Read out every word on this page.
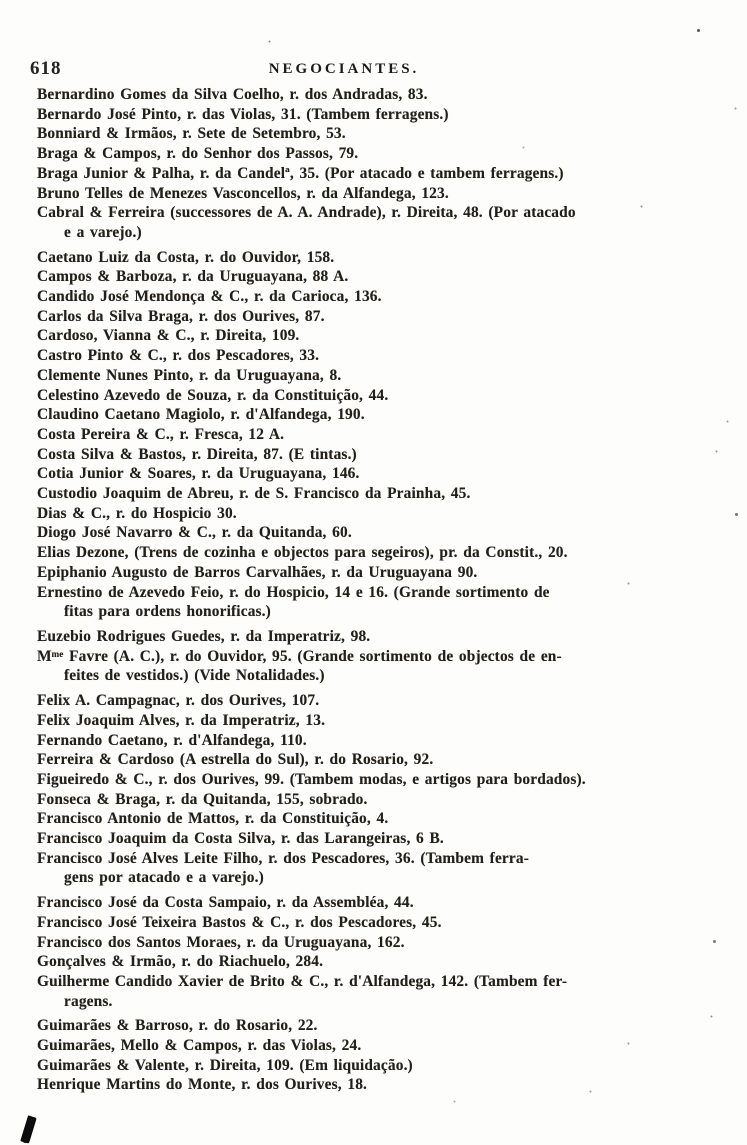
618	NEGOCIANTES.

Bernardino Gomes da Silva Coelho, r. dos Andradas, 83.

Bernardo José Pinto, r. das Violas, 31. (Tambem ferragens.)

Bonniard & Irmãos, r. Sete de Setembro, 53.

Braga & Campos, r. do Senhor dos Passos, 79.

Braga Junior & Palha, r. da Candelª, 35. (Por atacado e tambem ferragens.)

Bruno Telles de Menezes Vasconcellos, r. da Alfandega, 123.

Cabral & Ferreira (successores de A. A. Andrade), r. Direita, 48. (Por atacado
e a varejo.)

Caetano Luiz da Costa, r. do Ouvidor, 158.

Campos & Barboza, r. da Uruguayana, 88 A.

Candido José Mendonça & C., r. da Carioca, 136.

Carlos da Silva Braga, r. dos Ourives, 87.

Cardoso, Vianna & C., r. Direita, 109.

Castro Pinto & C., r. dos Pescadores, 33.

Clemente Nunes Pinto, r. da Uruguayana, 8.

Celestino Azevedo de Souza, r. da Constituição, 44.

Claudino Caetano Magiolo, r. d'Alfandega, 190.

Costa Pereira & C., r. Fresca, 12 A.

Costa Silva & Bastos, r. Direita, 87. (E tintas.)

Cotia Junior & Soares, r. da Uruguayana, 146.

Custodio Joaquim de Abreu, r. de S. Francisco da Prainha, 45.

Dias & C., r. do Hospicio 30.

Diogo José Navarro & C., r. da Quitanda, 60.

Elias Dezone, (Trens de cozinha e objectos para segeiros), pr. da Constit., 20.

Epiphanio Augusto de Barros Carvalhães, r. da Uruguayana 90.

Ernestino de Azevedo Feio, r. do Hospicio, 14 e 16. (Grande sortimento de
fitas para ordens honorificas.)

Euzebio Rodrigues Guedes, r. da Imperatriz, 98.

Mᵐᵉ Favre (A. C.), r. do Ouvidor, 95. (Grande sortimento de objectos de en-
feites de vestidos.) (Vide Notalidades.)

Felix A. Campagnac, r. dos Ourives, 107.

Felix Joaquim Alves, r. da Imperatriz, 13.

Fernando Caetano, r. d'Alfandega, 110.

Ferreira & Cardoso (A estrella do Sul), r. do Rosario, 92.

Figueiredo & C., r. dos Ourives, 99. (Tambem modas, e artigos para bordados).

Fonseca & Braga, r. da Quitanda, 155, sobrado.

Francisco Antonio de Mattos, r. da Constituição, 4.

Francisco Joaquim da Costa Silva, r. das Larangeiras, 6 B.

Francisco José Alves Leite Filho, r. dos Pescadores, 36. (Tambem ferra-
gens por atacado e a varejo.)

Francisco José da Costa Sampaio, r. da Assembléa, 44.

Francisco José Teixeira Bastos & C., r. dos Pescadores, 45.

Francisco dos Santos Moraes, r. da Uruguayana, 162.

Gonçalves & Irmão, r. do Riachuelo, 284.

Guilherme Candido Xavier de Brito & C., r. d'Alfandega, 142. (Tambem fer-
ragens.

Guimarães & Barroso, r. do Rosario, 22.

Guimarães, Mello & Campos, r. das Violas, 24.

Guimarães & Valente, r. Direita, 109. (Em liquidação.)

Henrique Martins do Monte, r. dos Ourives, 18.
